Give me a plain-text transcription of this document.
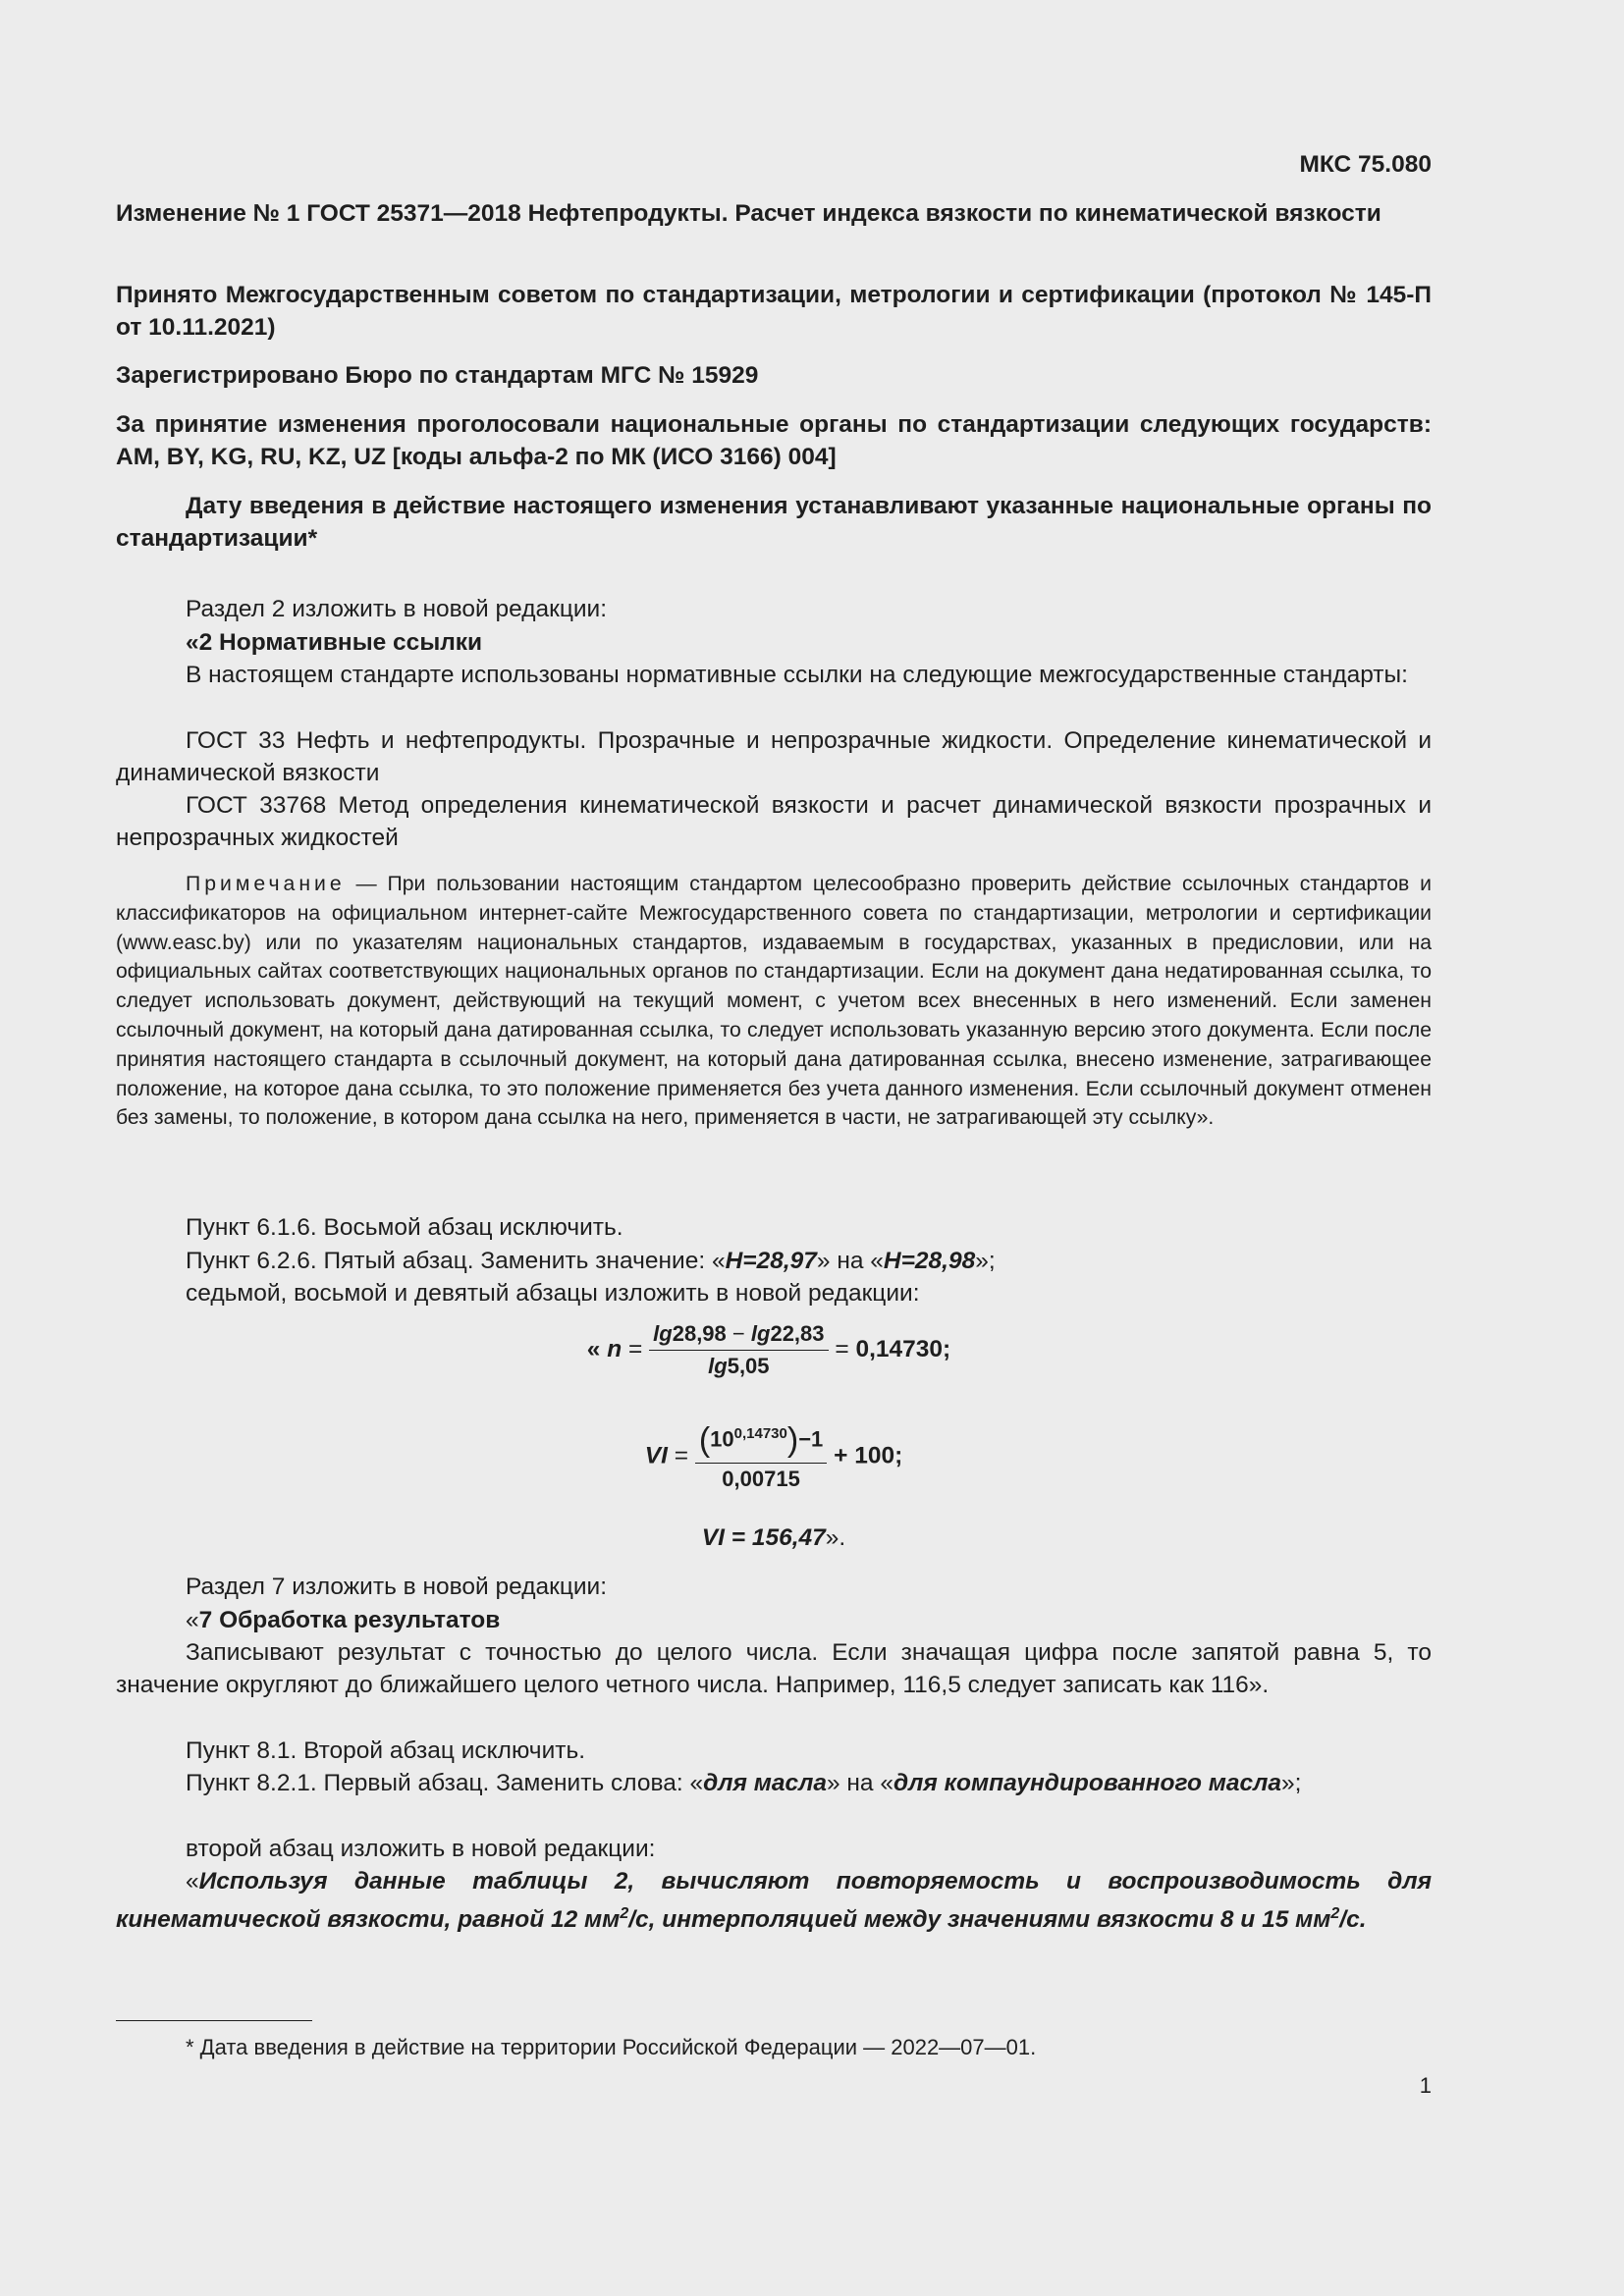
МКС 75.080
Изменение № 1 ГОСТ 25371—2018 Нефтепродукты. Расчет индекса вязкости по кинематической вязкости
Принято Межгосударственным советом по стандартизации, метрологии и сертификации (протокол № 145-П от 10.11.2021)
Зарегистрировано Бюро по стандартам МГС № 15929
За принятие изменения проголосовали национальные органы по стандартизации следующих государств: AM, BY, KG, RU, KZ, UZ [коды альфа-2 по МК (ИСО 3166) 004]
Дату введения в действие настоящего изменения устанавливают указанные национальные органы по стандартизации*
Раздел 2 изложить в новой редакции:
«2 Нормативные ссылки
В настоящем стандарте использованы нормативные ссылки на следующие межгосударственные стандарты:
ГОСТ 33 Нефть и нефтепродукты. Прозрачные и непрозрачные жидкости. Определение кинематической и динамической вязкости
ГОСТ 33768 Метод определения кинематической вязкости и расчет динамической вязкости прозрачных и непрозрачных жидкостей
Примечание — При пользовании настоящим стандартом целесообразно проверить действие ссылочных стандартов и классификаторов на официальном интернет-сайте Межгосударственного совета по стандартизации, метрологии и сертификации (www.easc.by) или по указателям национальных стандартов, издаваемым в государствах, указанных в предисловии, или на официальных сайтах соответствующих национальных органов по стандартизации. Если на документ дана недатированная ссылка, то следует использовать документ, действующий на текущий момент, с учетом всех внесенных в него изменений. Если заменен ссылочный документ, на который дана датированная ссылка, то следует использовать указанную версию этого документа. Если после принятия настоящего стандарта в ссылочный документ, на который дана датированная ссылка, внесено изменение, затрагивающее положение, на которое дана ссылка, то это положение применяется без учета данного изменения. Если ссылочный документ отменен без замены, то положение, в котором дана ссылка на него, применяется в части, не затрагивающей эту ссылку».
Пункт 6.1.6. Восьмой абзац исключить.
Пункт 6.2.6. Пятый абзац. Заменить значение: «H=28,97» на «H=28,98»;
седьмой, восьмой и девятый абзацы изложить в новой редакции:
« $n = \frac{\lg 28,98 - \lg 22,83}{\lg 5,05} = 0,14730$;
VI = $\frac{(10^{0,14730})-1}{0,00715} + 100$;
VI = 156,47».
Раздел 7 изложить в новой редакции:
«7 Обработка результатов
Записывают результат с точностью до целого числа. Если значащая цифра после запятой равна 5, то значение округляют до ближайшего целого четного числа. Например, 116,5 следует записать как 116».
Пункт 8.1. Второй абзац исключить.
Пункт 8.2.1. Первый абзац. Заменить слова: «для масла» на «для компаундированного масла»;
второй абзац изложить в новой редакции:
«Используя данные таблицы 2, вычисляют повторяемость и воспроизводимость для кинематической вязкости, равной 12 $мм^2/с$, интерполяцией между значениями вязкости 8 и 15 $мм^2/с$.
* Дата введения в действие на территории Российской Федерации — 2022—07—01.
1
